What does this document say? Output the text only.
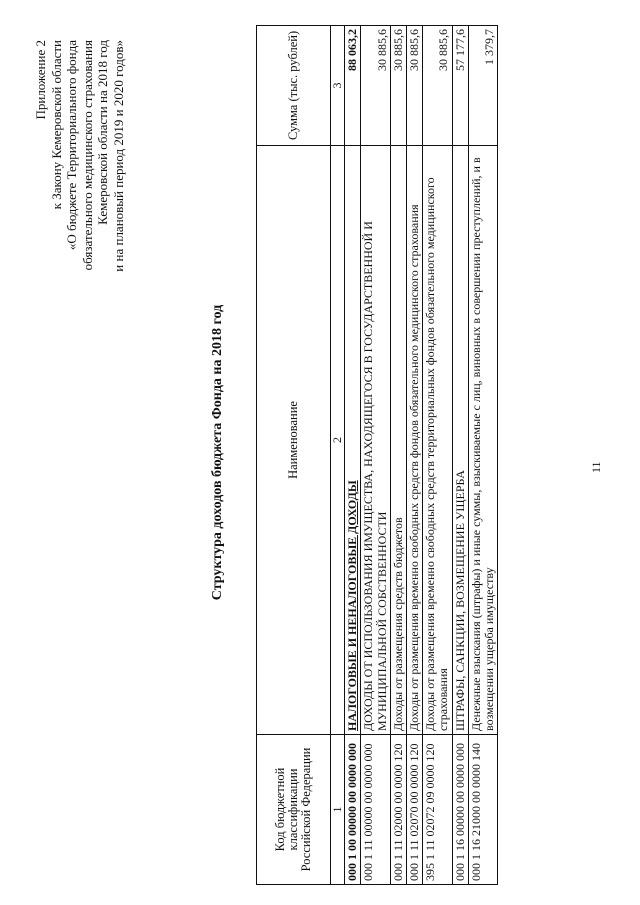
11
Приложение 2 к Закону Кемеровской области «О бюджете Территориального фонда обязательного медицинского страхования Кемеровской области на 2018 год и на плановый период 2019 и 2020 годов»
Структура доходов бюджета Фонда на 2018 год
Код бюджетной классификации Российской Федерации	Наименование	Сумма (тыс. рублей)
1	2	3
000 1 00 00000 00 0000 000	НАЛОГОВЫЕ И НЕНАЛОГОВЫЕ ДОХОДЫ	88 063,2
000 1 11 00000 00 0000 000	ДОХОДЫ ОТ ИСПОЛЬЗОВАНИЯ ИМУЩЕСТВА, НАХОДЯЩЕГОСЯ В ГОСУДАРСТВЕННОЙ И МУНИЦИПАЛЬНОЙ СОБСТВЕННОСТИ	30 885,6
000 1 11 02000 00 0000 120	Доходы от размещения средств бюджетов	30 885,6
000 1 11 02070 00 0000 120	Доходы от размещения временно свободных средств фондов обязательного медицинского страхования	30 885,6
395 1 11 02072 09 0000 120	Доходы от размещения временно свободных средств территориальных фондов обязательного медицинского страхования	30 885,6
000 1 16 00000 00 0000 000	ШТРАФЫ, САНКЦИИ, ВОЗМЕЩЕНИЕ УЩЕРБА	57 177,6
000 1 16 21000 00 0000 140	Денежные взыскания (штрафы) и иные суммы, взыскиваемые с лиц, виновных в совершении преступлений, и в возмещении ущерба имуществу	1 379,7
